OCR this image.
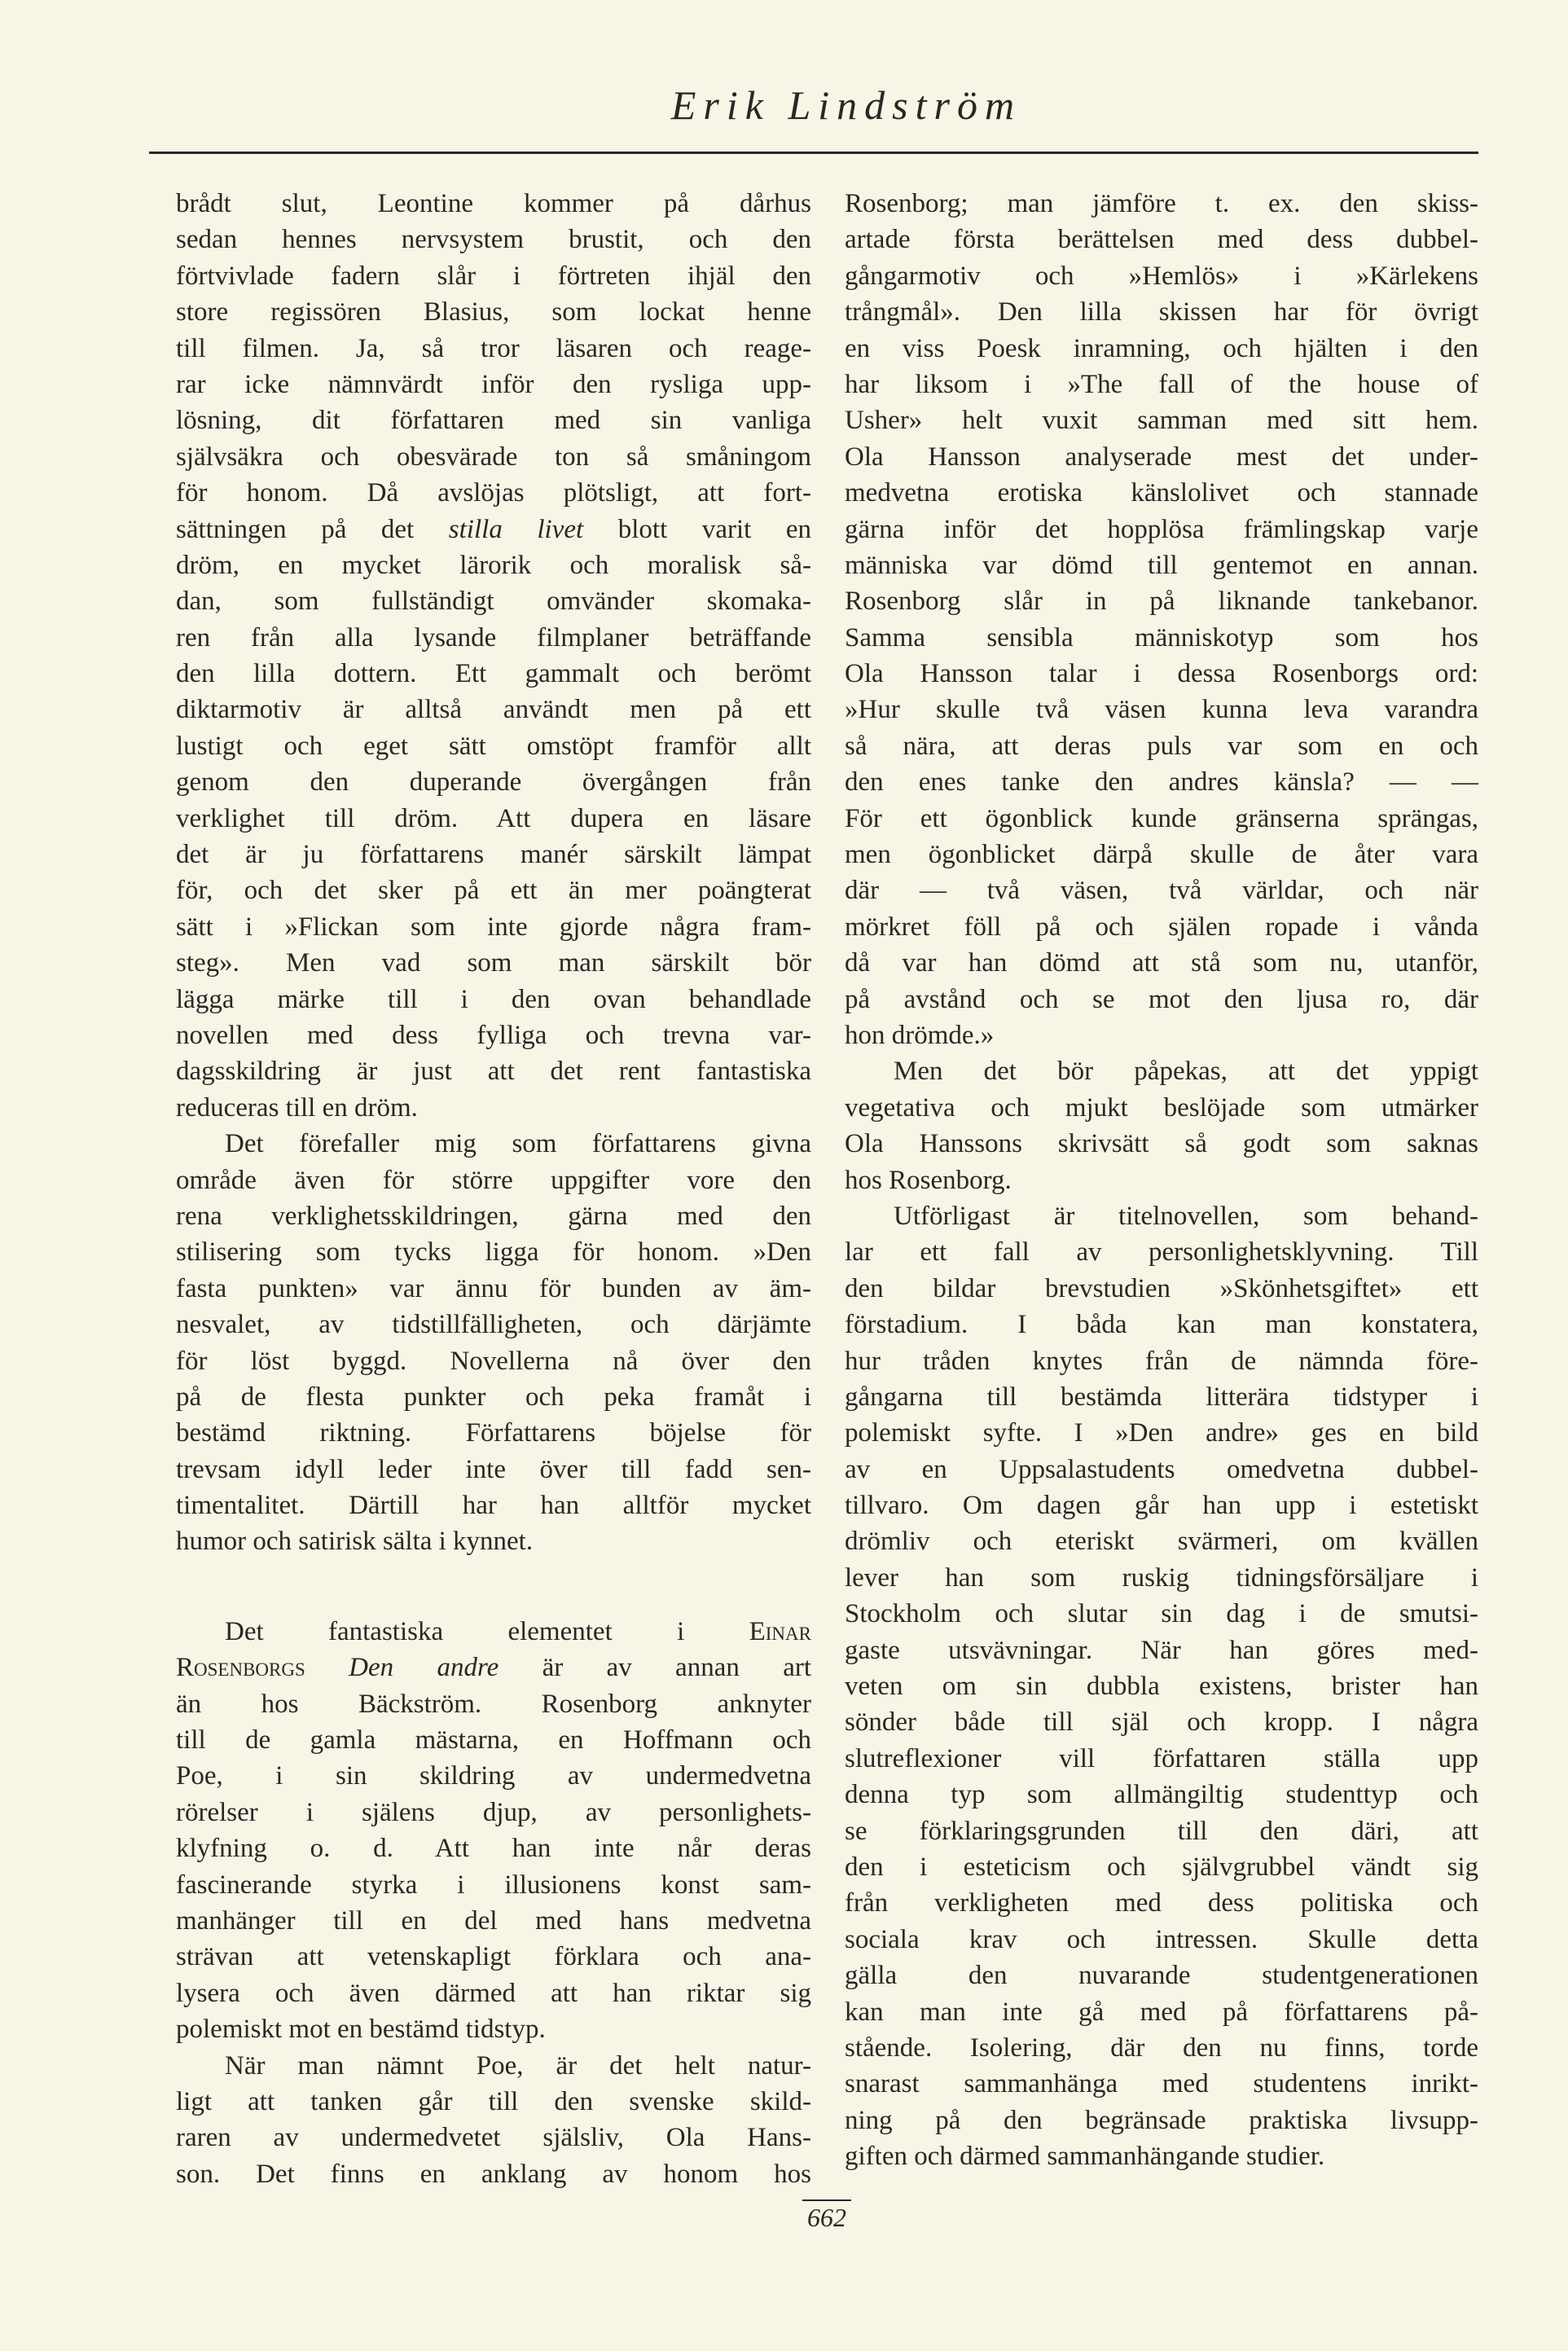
Erik Lindström
brådt slut, Leontine kommer på dårhus
sedan hennes nervsystem brustit, och den
förtvivlade fadern slår i förtreten ihjäl den
store regissören Blasius, som lockat henne
till filmen. Ja, så tror läsaren och reage-
rar icke nämnvärdt inför den rysliga upp-
lösning, dit författaren med sin vanliga
självsäkra och obesvärade ton så småningom
för honom. Då avslöjas plötsligt, att fort-
sättningen på det stilla livet blott varit en
dröm, en mycket lärorik och moralisk så-
dan, som fullständigt omvänder skomaka-
ren från alla lysande filmplaner beträffande
den lilla dottern. Ett gammalt och berömt
diktarmotiv är alltså användt men på ett
lustigt och eget sätt omstöpt framför allt
genom den duperande övergången från
verklighet till dröm. Att dupera en läsare
det är ju författarens manér särskilt lämpat
för, och det sker på ett än mer poängterat
sätt i »Flickan som inte gjorde några fram-
steg». Men vad som man särskilt bör
lägga märke till i den ovan behandlade
novellen med dess fylliga och trevna var-
dagsskildring är just att det rent fantastiska
reduceras till en dröm.
Det förefaller mig som författarens givna
område även för större uppgifter vore den
rena verklighetsskildringen, gärna med den
stilisering som tycks ligga för honom. »Den
fasta punkten» var ännu för bunden av äm-
nesvalet, av tidstillfälligheten, och därjämte
för löst byggd. Novellerna nå över den
på de flesta punkter och peka framåt i
bestämd riktning. Författarens böjelse för
trevsam idyll leder inte över till fadd sen-
timentalitet. Därtill har han alltför mycket
humor och satirisk sälta i kynnet.
Det fantastiska elementet i Einar
Rosenborgs Den andre är av annan art
än hos Bäckström. Rosenborg anknyter
till de gamla mästarna, en Hoffmann och
Poe, i sin skildring av undermedvetna
rörelser i själens djup, av personlighets-
klyfning o. d. Att han inte når deras
fascinerande styrka i illusionens konst sam-
manhänger till en del med hans medvetna
strävan att vetenskapligt förklara och ana-
lysera och även därmed att han riktar sig
polemiskt mot en bestämd tidstyp.
När man nämnt Poe, är det helt natur-
ligt att tanken går till den svenske skild-
raren av undermedvetet själsliv, Ola Hans-
son. Det finns en anklang av honom hos
Rosenborg; man jämföre t. ex. den skiss-
artade första berättelsen med dess dubbel-
gångarmotiv och »Hemlös» i »Kärlekens
trångmål». Den lilla skissen har för övrigt
en viss Poesk inramning, och hjälten i den
har liksom i »The fall of the house of
Usher» helt vuxit samman med sitt hem.
Ola Hansson analyserade mest det under-
medvetna erotiska känslolivet och stannade
gärna inför det hopplösa främlingskap varje
människa var dömd till gentemot en annan.
Rosenborg slår in på liknande tankebanor.
Samma sensibla människotyp som hos
Ola Hansson talar i dessa Rosenborgs ord:
»Hur skulle två väsen kunna leva varandra
så nära, att deras puls var som en och
den enes tanke den andres känsla? — —
För ett ögonblick kunde gränserna sprängas,
men ögonblicket därpå skulle de åter vara
där — två väsen, två världar, och när
mörkret föll på och själen ropade i vånda
då var han dömd att stå som nu, utanför,
på avstånd och se mot den ljusa ro, där
hon drömde.»
Men det bör påpekas, att det yppigt
vegetativa och mjukt beslöjade som utmärker
Ola Hanssons skrivsätt så godt som saknas
hos Rosenborg.
Utförligast är titelnovellen, som behand-
lar ett fall av personlighetsklyvning. Till
den bildar brevstudien »Skönhetsgiftet» ett
förstadium. I båda kan man konstatera,
hur tråden knytes från de nämnda före-
gångarna till bestämda litterära tidstyper i
polemiskt syfte. I »Den andre» ges en bild
av en Uppsalastudents omedvetna dubbel-
tillvaro. Om dagen går han upp i estetiskt
drömliv och eteriskt svärmeri, om kvällen
lever han som ruskig tidningsförsäljare i
Stockholm och slutar sin dag i de smutsi-
gaste utsvävningar. När han göres med-
veten om sin dubbla existens, brister han
sönder både till själ och kropp. I några
slutreflexioner vill författaren ställa upp
denna typ som allmängiltig studenttyp och
se förklaringsgrunden till den däri, att
den i esteticism och självgrubbel vändt sig
från verkligheten med dess politiska och
sociala krav och intressen. Skulle detta
gälla den nuvarande studentgenerationen
kan man inte gå med på författarens på-
stående. Isolering, där den nu finns, torde
snarast sammanhänga med studentens inrikt-
ning på den begränsade praktiska livsupp-
giften och därmed sammanhängande studier.
662
